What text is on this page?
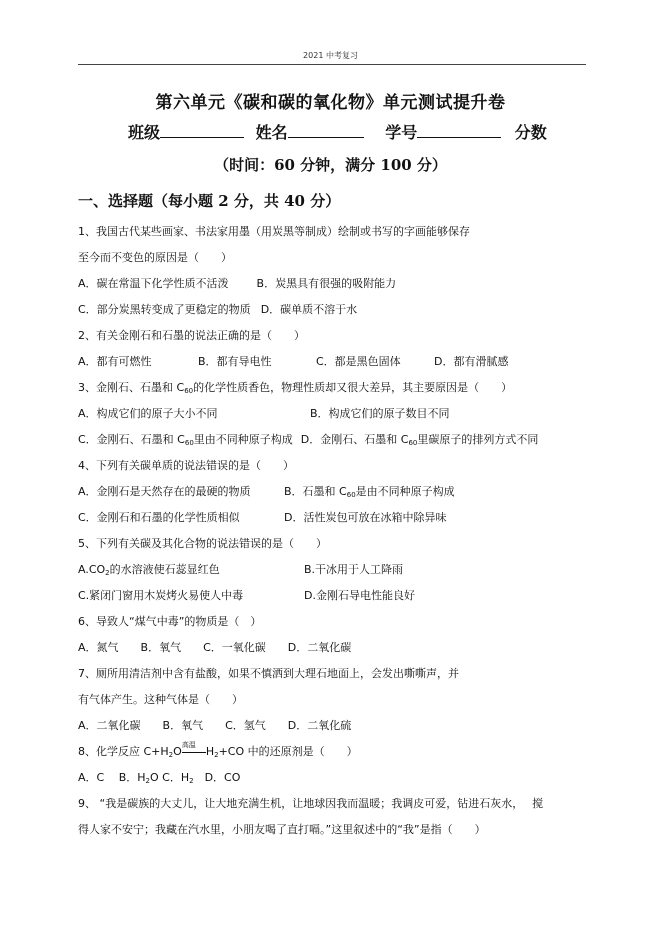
2021 中考复习
第六单元《碳和碳的氧化物》单元测试提升卷
班级	姓名	学号	分数
（时间：60 分钟，满分 100 分）
一、选择题（每小题 2 分，共 40 分）
1、我国古代某些画家、书法家用墨（用炭黑等制成）绘制或书写的字画能够保存
至今而不变色的原因是（　　）
A．碳在常温下化学性质不活泼	B．炭黑具有很强的吸附能力
C．部分炭黑转变成了更稳定的物质 D．碳单质不溶于水
2、有关金刚石和石墨的说法正确的是（　　）
A．都有可燃性	B．都有导电性	C．都是黑色固体	D．都有滑腻感
3、金刚石、石墨和 $C_{60}$的化学性质香色，物理性质却又很大差异，其主要原因是（　　）
A．构成它们的原子大小不同	B．构成它们的原子数目不同
C．金刚石、石墨和 $C_{60}$里由不同种原子构成 D．金刚石、石墨和 $C_{60}$里碳原子的排列方式不同
4、下列有关碳单质的说法错误的是（　　）
A．金刚石是天然存在的最硬的物质	B．石墨和 $C_{60}$是由不同种原子构成
C．金刚石和石墨的化学性质相似	D．活性炭包可放在冰箱中除异味
5、下列有关碳及其化合物的说法错误的是（　　）
$A.CO_2$的水溶液使石蕊显红色	B.干冰用于人工降雨
C.紧闭门窗用木炭烤火易使人中毒	D.金刚石导电性能良好
6、导致人“煤气中毒”的物质是（　）
A．氮气　　B．氧气　　C．一氧化碳　　D．二氧化碳
7、厕所用清洁剂中含有盐酸，如果不慎洒到大理石地面上，会发出嘶嘶声，并
有气体产生。这种气体是（　　）
A．二氧化碳　　B．氧气　　C．氢气　　D．二氧化硫
8、化学反应 $C+H_2O$ 高温 $H_2+CO$ 中的还原剂是（　　）
A．C　 B．$H_2O$ C．$H_2$　D．CO
9、 “我是碳族的大丈儿，让大地充满生机，让地球因我而温暖；我调皮可爱，钻进石灰水，　 搅
得人家不安宁；我藏在汽水里，小朋友喝了直打嗝。”这里叙述中的“我”是指（　　）
